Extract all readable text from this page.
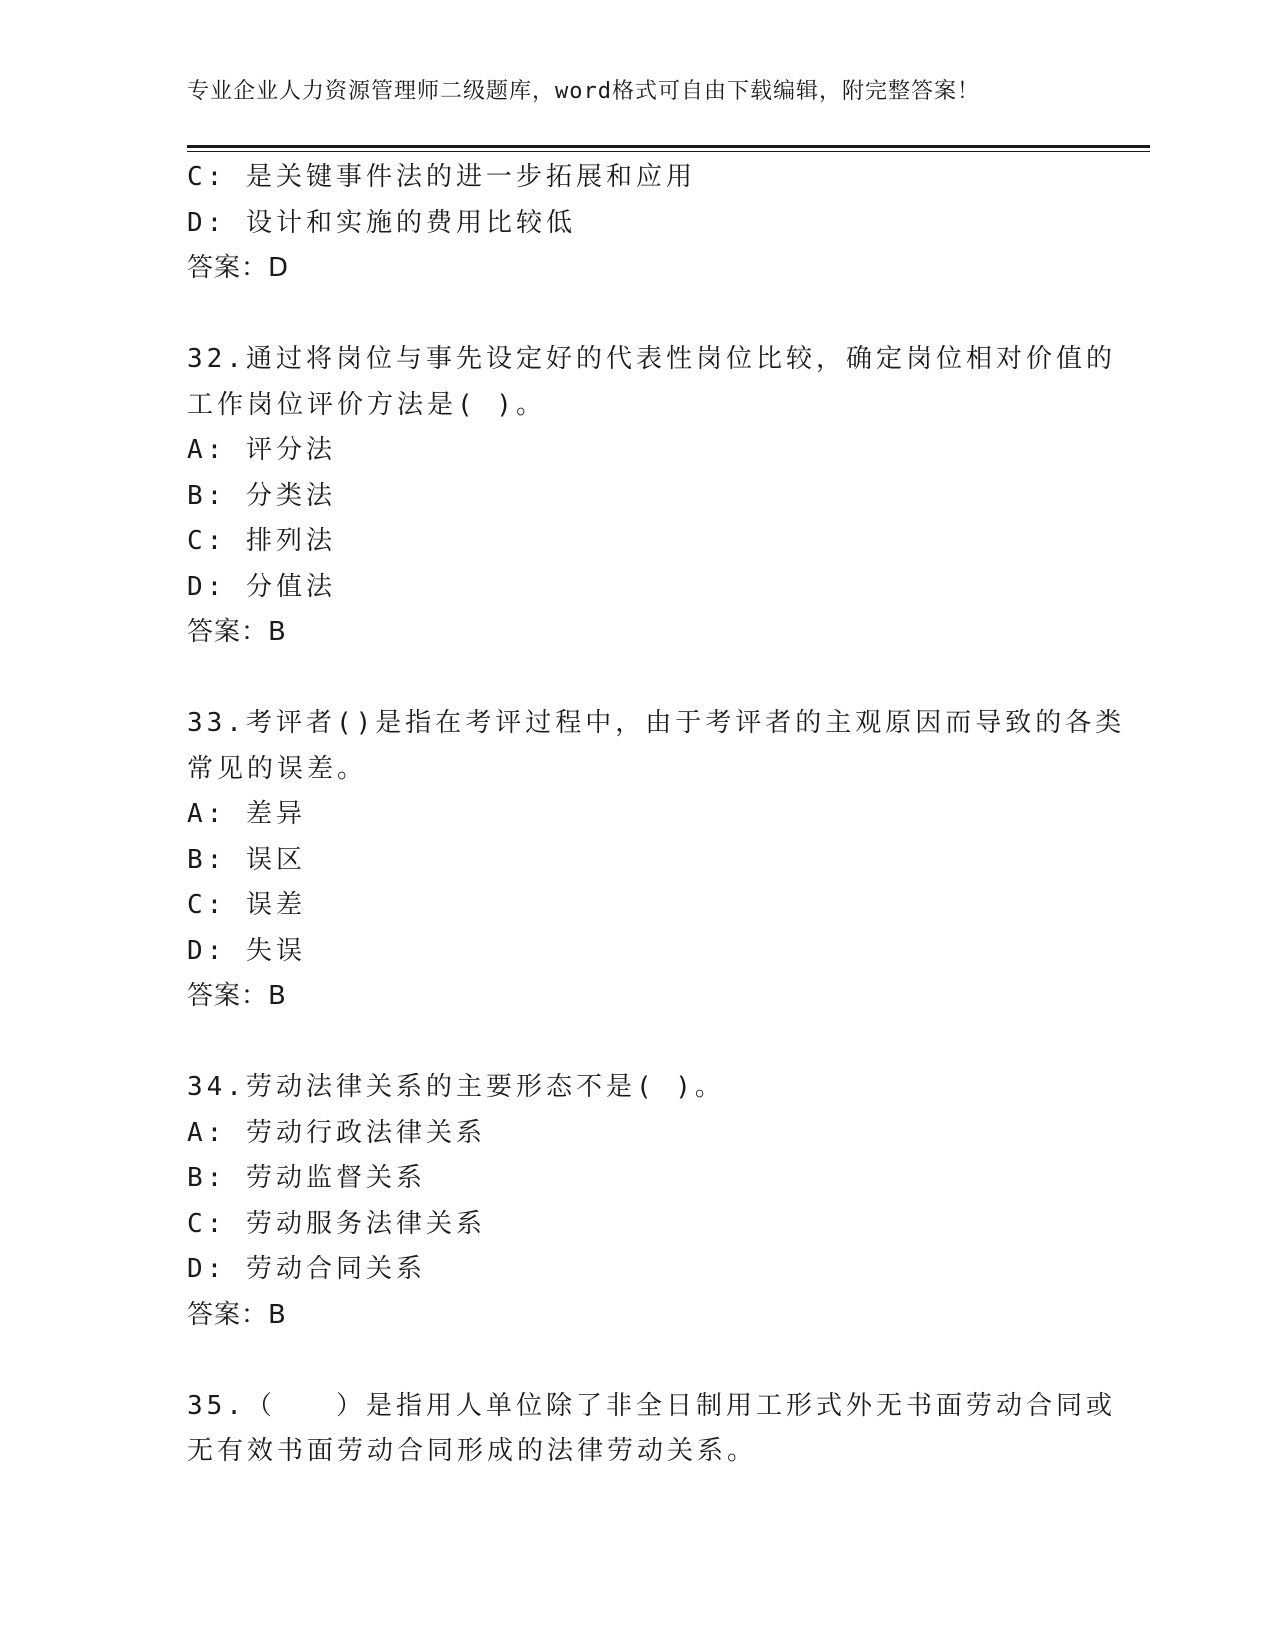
专业企业人力资源管理师二级题库，word格式可自由下载编辑，附完整答案！
C: 是关键事件法的进一步拓展和应用
D: 设计和实施的费用比较低
答案：D
32.通过将岗位与事先设定好的代表性岗位比较，确定岗位相对价值的
工作岗位评价方法是( )。
A: 评分法
B: 分类法
C: 排列法
D: 分值法
答案：B
33.考评者()是指在考评过程中，由于考评者的主观原因而导致的各类
常见的误差。
A: 差异
B: 误区
C: 误差
D: 失误
答案：B
34.劳动法律关系的主要形态不是( )。
A: 劳动行政法律关系
B: 劳动监督关系
C: 劳动服务法律关系
D: 劳动合同关系
答案：B
35.（　　）是指用人单位除了非全日制用工形式外无书面劳动合同或
无有效书面劳动合同形成的法律劳动关系。
